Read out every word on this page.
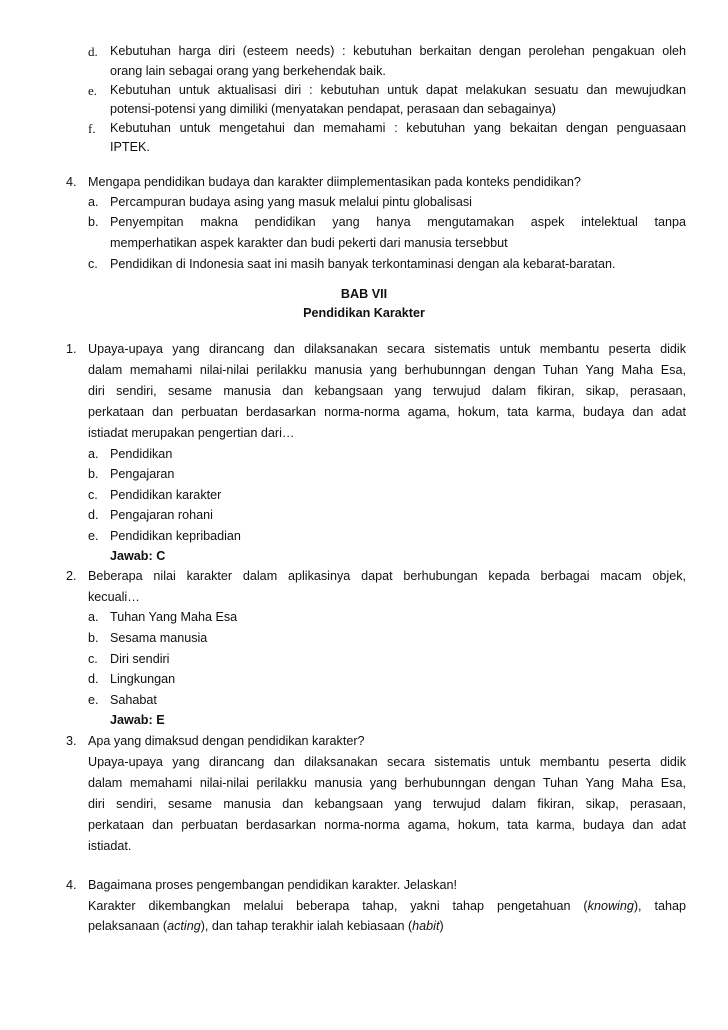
d. Kebutuhan harga diri (esteem needs) : kebutuhan berkaitan dengan perolehan pengakuan oleh
orang lain sebagai orang yang berkehendak baik.
e. Kebutuhan untuk aktualisasi diri : kebutuhan untuk dapat melakukan sesuatu dan mewujudkan
potensi-potensi yang dimiliki (menyatakan pendapat, perasaan dan sebagainya)
f. Kebutuhan untuk mengetahui dan memahami : kebutuhan yang bekaitan dengan penguasaan
IPTEK.
4. Mengapa pendidikan budaya dan karakter diimplementasikan pada konteks pendidikan?
a. Percampuran budaya asing yang masuk melalui pintu globalisasi
b. Penyempitan makna pendidikan yang hanya mengutamakan aspek intelektual tanpa
memperhatikan aspek karakter dan budi pekerti dari manusia tersebbut
c. Pendidikan di Indonesia saat ini masih banyak terkontaminasi dengan ala kebarat-baratan.
BAB VII
Pendidikan Karakter
1. Upaya-upaya yang dirancang dan dilaksanakan secara sistematis untuk membantu peserta didik
dalam memahami nilai-nilai perilakku manusia yang berhubunngan dengan Tuhan Yang Maha Esa,
diri sendiri, sesame manusia dan kebangsaan yang terwujud dalam fikiran, sikap, perasaan,
perkataan dan perbuatan berdasarkan norma-norma agama, hokum, tata karma, budaya dan adat
istiadat merupakan pengertian dari…
a. Pendidikan
b. Pengajaran
c. Pendidikan karakter
d. Pengajaran rohani
e. Pendidikan kepribadian
Jawab: C
2. Beberapa nilai karakter dalam aplikasinya dapat berhubungan kepada berbagai macam objek,
kecuali…
a. Tuhan Yang Maha Esa
b. Sesama manusia
c. Diri sendiri
d. Lingkungan
e. Sahabat
Jawab: E
3. Apa yang dimaksud dengan pendidikan karakter?
Upaya-upaya yang dirancang dan dilaksanakan secara sistematis untuk membantu peserta didik
dalam memahami nilai-nilai perilakku manusia yang berhubunngan dengan Tuhan Yang Maha Esa,
diri sendiri, sesame manusia dan kebangsaan yang terwujud dalam fikiran, sikap, perasaan,
perkataan dan perbuatan berdasarkan norma-norma agama, hokum, tata karma, budaya dan adat
istiadat.
4. Bagaimana proses pengembangan pendidikan karakter. Jelaskan!
Karakter dikembangkan melalui beberapa tahap, yakni tahap pengetahuan (knowing), tahap
pelaksanaan (acting), dan tahap terakhir ialah kebiasaan (habit)
